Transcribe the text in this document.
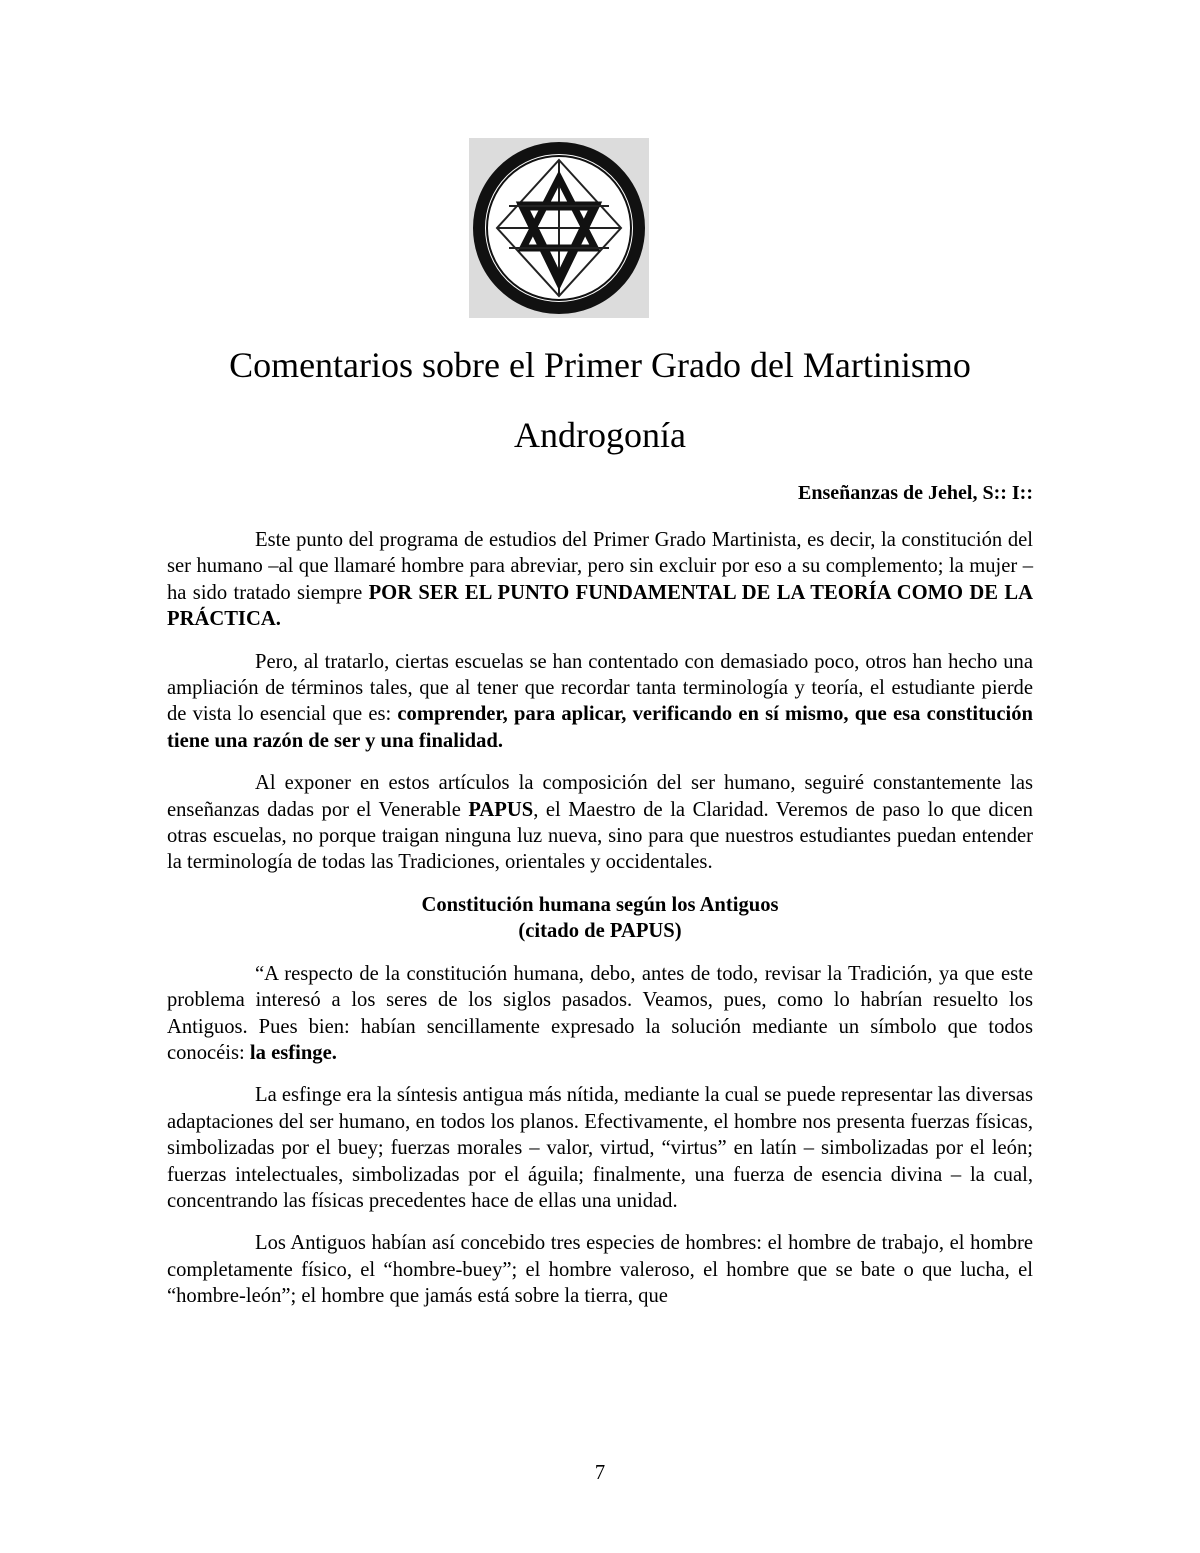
Comentarios sobre el Primer Grado del Martinismo
Androgonía
Enseñanzas de Jehel, S:: I::

Este punto del programa de estudios del Primer Grado Martinista, es decir, la constitución del ser humano –al que llamaré hombre para abreviar, pero sin excluir por eso a su complemento; la mujer – ha sido tratado siempre POR SER EL PUNTO FUNDAMENTAL DE LA TEORÍA COMO DE LA PRÁCTICA.

Pero, al tratarlo, ciertas escuelas se han contentado con demasiado poco, otros han hecho una ampliación de términos tales, que al tener que recordar tanta terminología y teoría, el estudiante pierde de vista lo esencial que es: comprender, para aplicar, verificando en sí mismo, que esa constitución tiene una razón de ser y una finalidad.

Al exponer en estos artículos la composición del ser humano, seguiré constantemente las enseñanzas dadas por el Venerable PAPUS, el Maestro de la Claridad. Veremos de paso lo que dicen otras escuelas, no porque traigan ninguna luz nueva, sino para que nuestros estudiantes puedan entender la terminología de todas las Tradiciones, orientales y occidentales.

Constitución humana según los Antiguos
(citado de PAPUS)

“A respecto de la constitución humana, debo, antes de todo, revisar la Tradición, ya que este problema interesó a los seres de los siglos pasados. Veamos, pues, como lo habrían resuelto los Antiguos. Pues bien: habían sencillamente expresado la solución mediante un símbolo que todos conocéis: la esfinge.

La esfinge era la síntesis antigua más nítida, mediante la cual se puede representar las diversas adaptaciones del ser humano, en todos los planos. Efectivamente, el hombre nos presenta fuerzas físicas, simbolizadas por el buey; fuerzas morales – valor, virtud, “virtus” en latín – simbolizadas por el león; fuerzas intelectuales, simbolizadas por el águila; finalmente, una fuerza de esencia divina – la cual, concentrando las físicas precedentes hace de ellas una unidad.

Los Antiguos habían así concebido tres especies de hombres: el hombre de trabajo, el hombre completamente físico, el “hombre-buey”; el hombre valeroso, el hombre que se bate o que lucha, el “hombre-león”; el hombre que jamás está sobre la tierra, que

7
